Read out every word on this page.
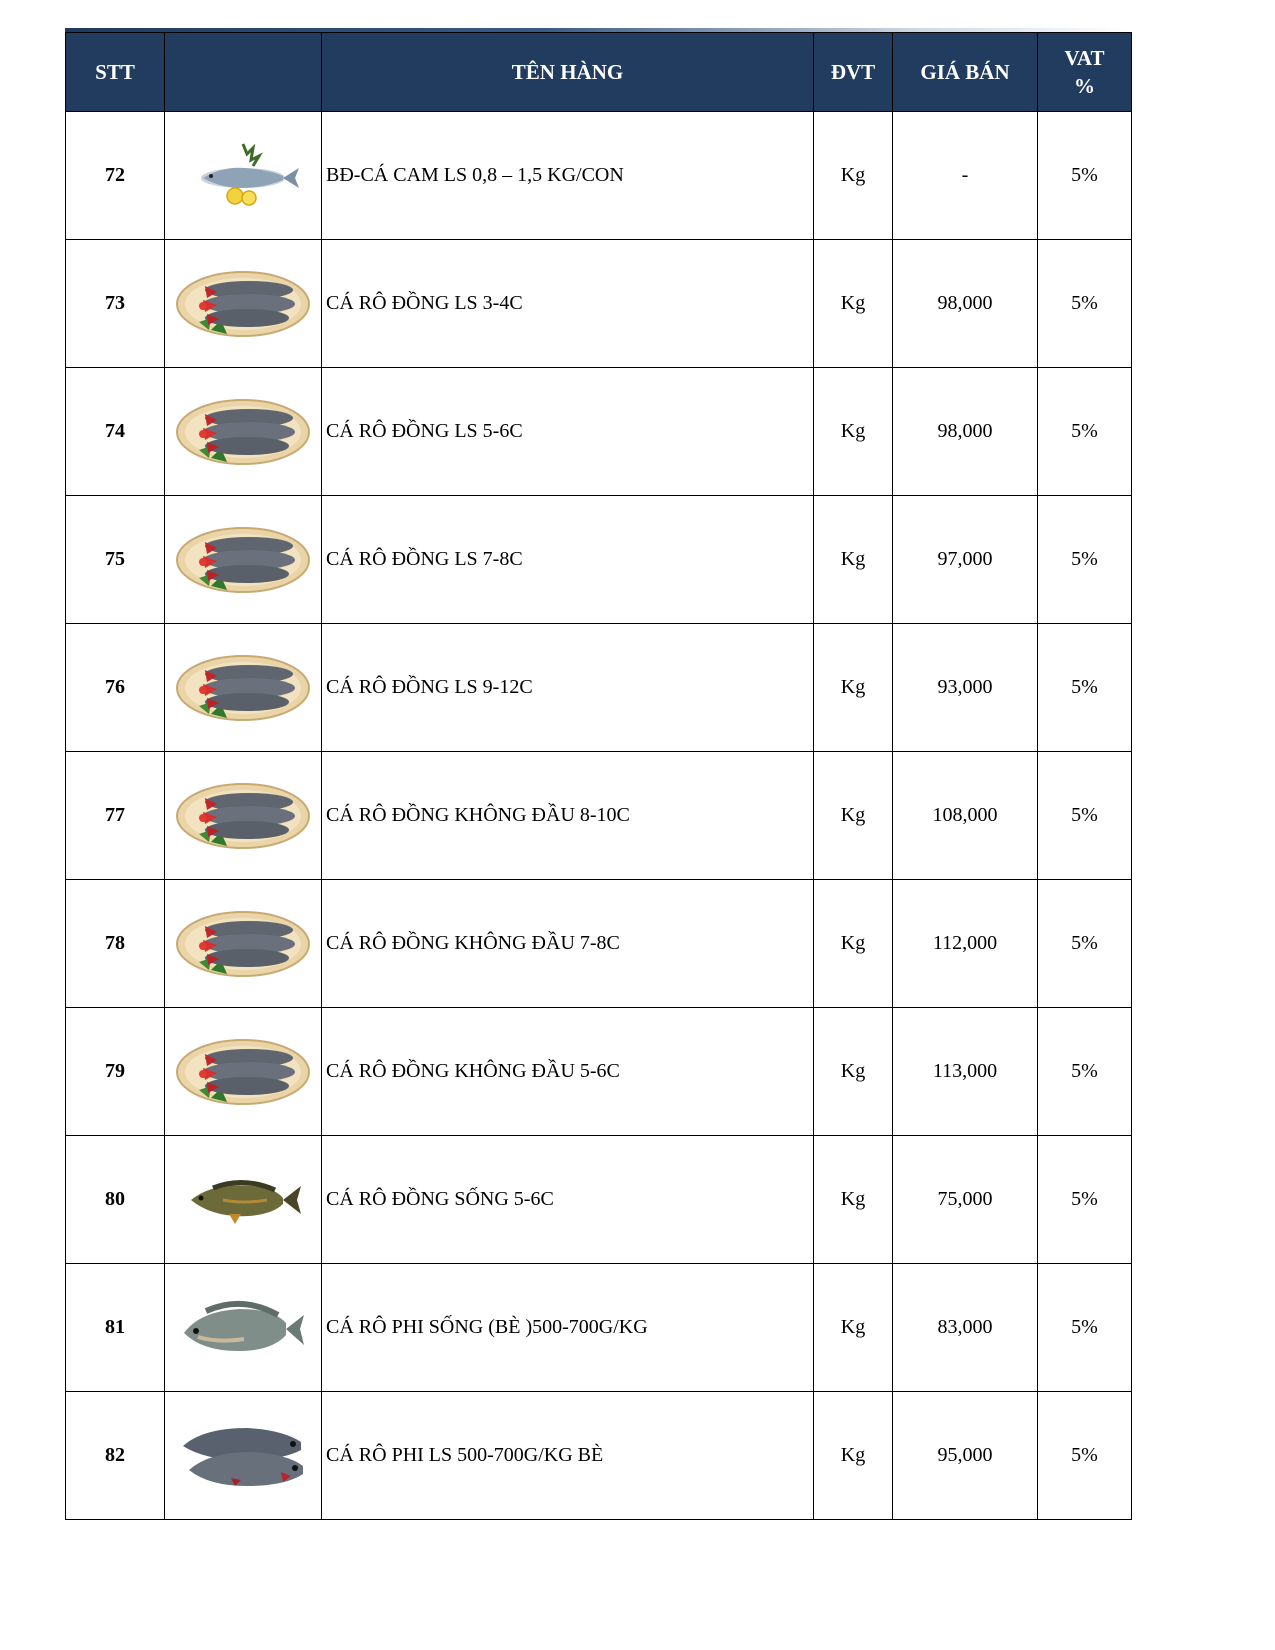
STT		TÊN HÀNG	ĐVT	GIÁ BÁN	VAT
%
72		BĐ-CÁ CAM LS 0,8 – 1,5 KG/CON	Kg	-	5%
73		CÁ RÔ ĐỒNG LS 3-4C	Kg	98,000	5%
74		CÁ RÔ ĐỒNG LS 5-6C	Kg	98,000	5%
75		CÁ RÔ ĐỒNG LS 7-8C	Kg	97,000	5%
76		CÁ RÔ ĐỒNG LS 9-12C	Kg	93,000	5%
77		CÁ RÔ ĐỒNG KHÔNG ĐẦU 8-10C	Kg	108,000	5%
78		CÁ RÔ ĐỒNG KHÔNG ĐẦU 7-8C	Kg	112,000	5%
79		CÁ RÔ ĐỒNG KHÔNG ĐẦU 5-6C	Kg	113,000	5%
80		CÁ RÔ ĐỒNG SỐNG 5-6C	Kg	75,000	5%
81		CÁ RÔ PHI SỐNG (BÈ )500-700G/KG	Kg	83,000	5%
82		CÁ RÔ PHI LS 500-700G/KG BÈ	Kg	95,000	5%
